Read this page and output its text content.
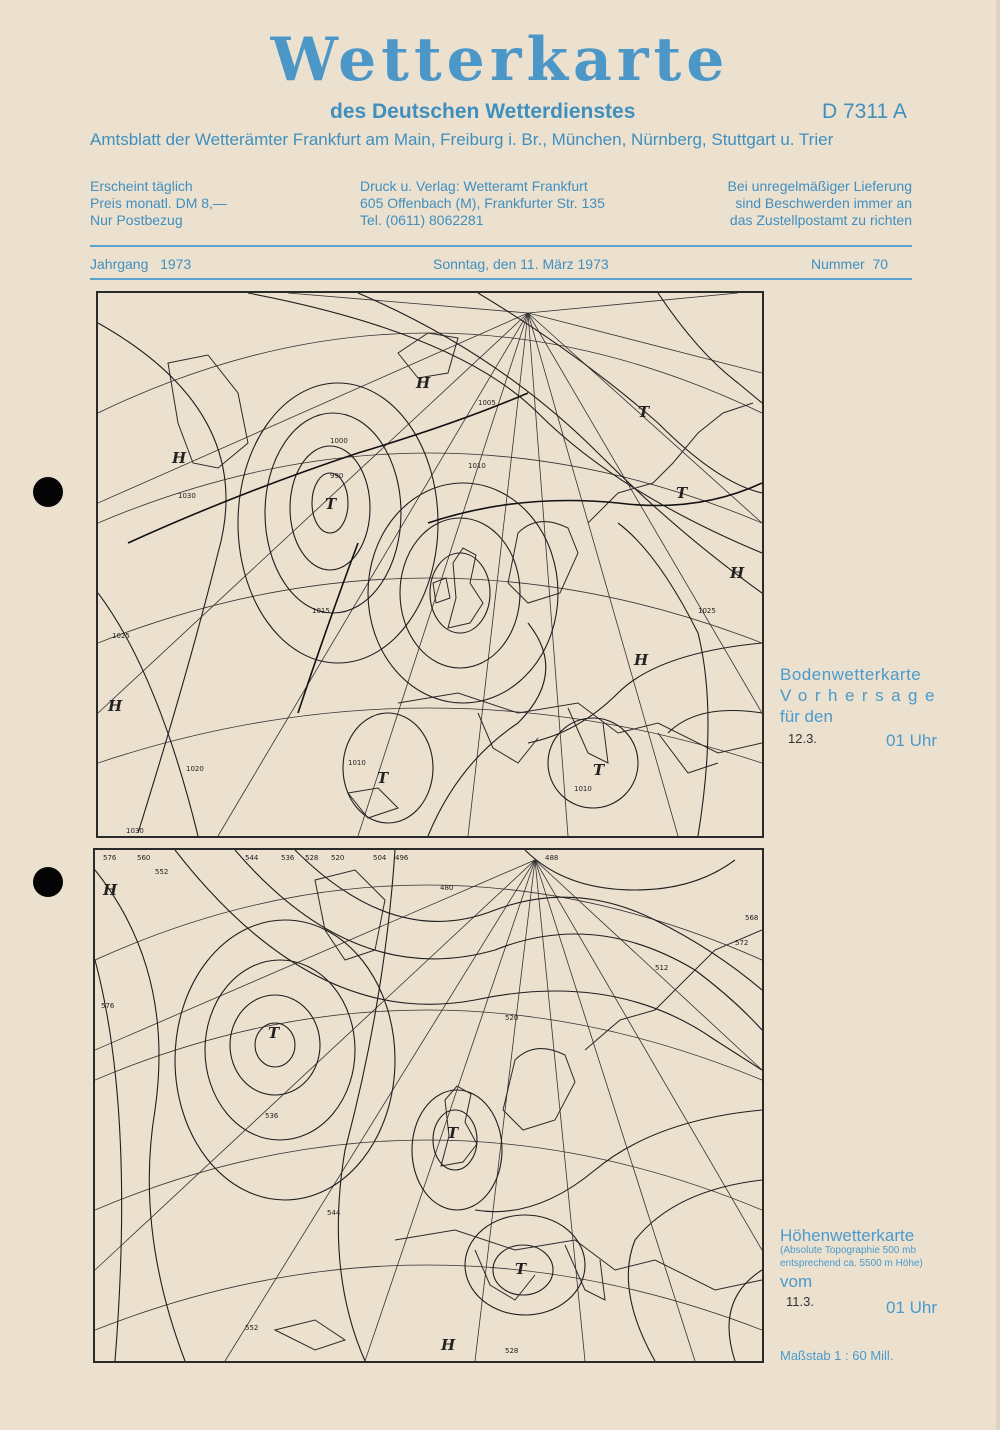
Wetterkarte
des Deutschen Wetterdienstes	D 7311 A
Amtsblatt der Wetterämter Frankfurt am Main, Freiburg i. Br., München, Nürnberg, Stuttgart u. Trier
Erscheint täglich
Preis monatl. DM 8,—
Nur Postbezug
Druck u. Verlag: Wetteramt Frankfurt
605 Offenbach (M), Frankfurter Str. 135
Tel. (0611) 8062281
Bei unregelmäßiger Lieferung
sind Beschwerden immer an
das Zustellpostamt zu richten
Jahrgang 1973	Sonntag, den 11. März 1973	Nummer 70
H
H
H
H
H
T
T	T
T
T
1030
1025
1010
1000
990
1020
1015
1005
1025
1010
1030
1010
Bodenwetterkarte
Vorhersage
für den
12.3.	01 Uhr
H
H
T
T
T
576	560	544	536 528 520	504 496	488
480
512
552
568
572
576
520
528
536
544
552
Höhenwetterkarte
(Absolute Topographie 500 mb
entsprechend ca. 5500 m Höhe)
vom
11.3.	01 Uhr
Maßstab 1 : 60 Mill.
